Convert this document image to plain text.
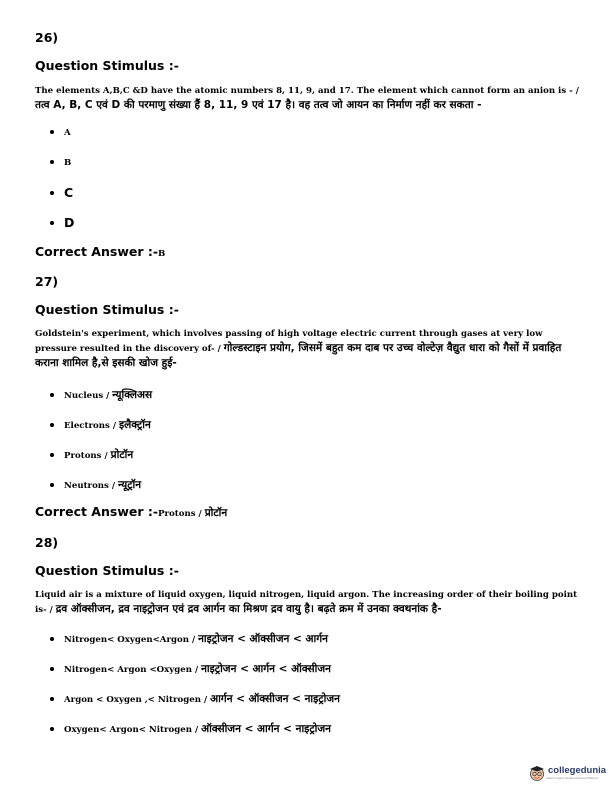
26)
Question Stimulus :-
The elements A,B,C &D have the atomic numbers 8, 11, 9, and 17. The element which cannot form an anion is - / तत्व A, B, C एवं D की परमाणु संख्या हैं 8, 11, 9 एवं 17 है। वह तत्व जो आयन का निर्माण नहीं कर सकता -
A
B
C
D
Correct Answer :-B
27)
Question Stimulus :-
Goldstein's experiment, which involves passing of high voltage electric current through gases at very low pressure resulted in the discovery of- / गोल्डस्टाइन प्रयोग, जिसमें बहुत कम दाब पर उच्च वोल्टेज़ वैद्युत धारा को गैसों में प्रवाहित कराना शामिल है,से इसकी खोज हुई-
Nucleus / न्यूक्लिअस
Electrons / इलैक्ट्रॉन
Protons / प्रोटॉन
Neutrons / न्यूट्रॉन
Correct Answer :-Protons / प्रोटॉन
28)
Question Stimulus :-
Liquid air is a mixture of liquid oxygen, liquid nitrogen, liquid argon. The increasing order of their boiling point is- / द्रव ऑक्सीजन, द्रव नाइट्रोजन एवं द्रव आर्गन का मिश्रण द्रव वायु है। बढ़ते क्रम में उनका क्वथनांक है-
Nitrogen< Oxygen<Argon / नाइट्रोजन < ऑक्सीजन < आर्गन
Nitrogen< Argon <Oxygen / नाइट्रोजन < आर्गन < ऑक्सीजन
Argon < Oxygen ,< Nitrogen / आर्गन < ऑक्सीजन < नाइट्रोजन
Oxygen< Argon< Nitrogen / ऑक्सीजन < आर्गन < नाइट्रोजन
collegedunia
India's largest Student Review Platform
